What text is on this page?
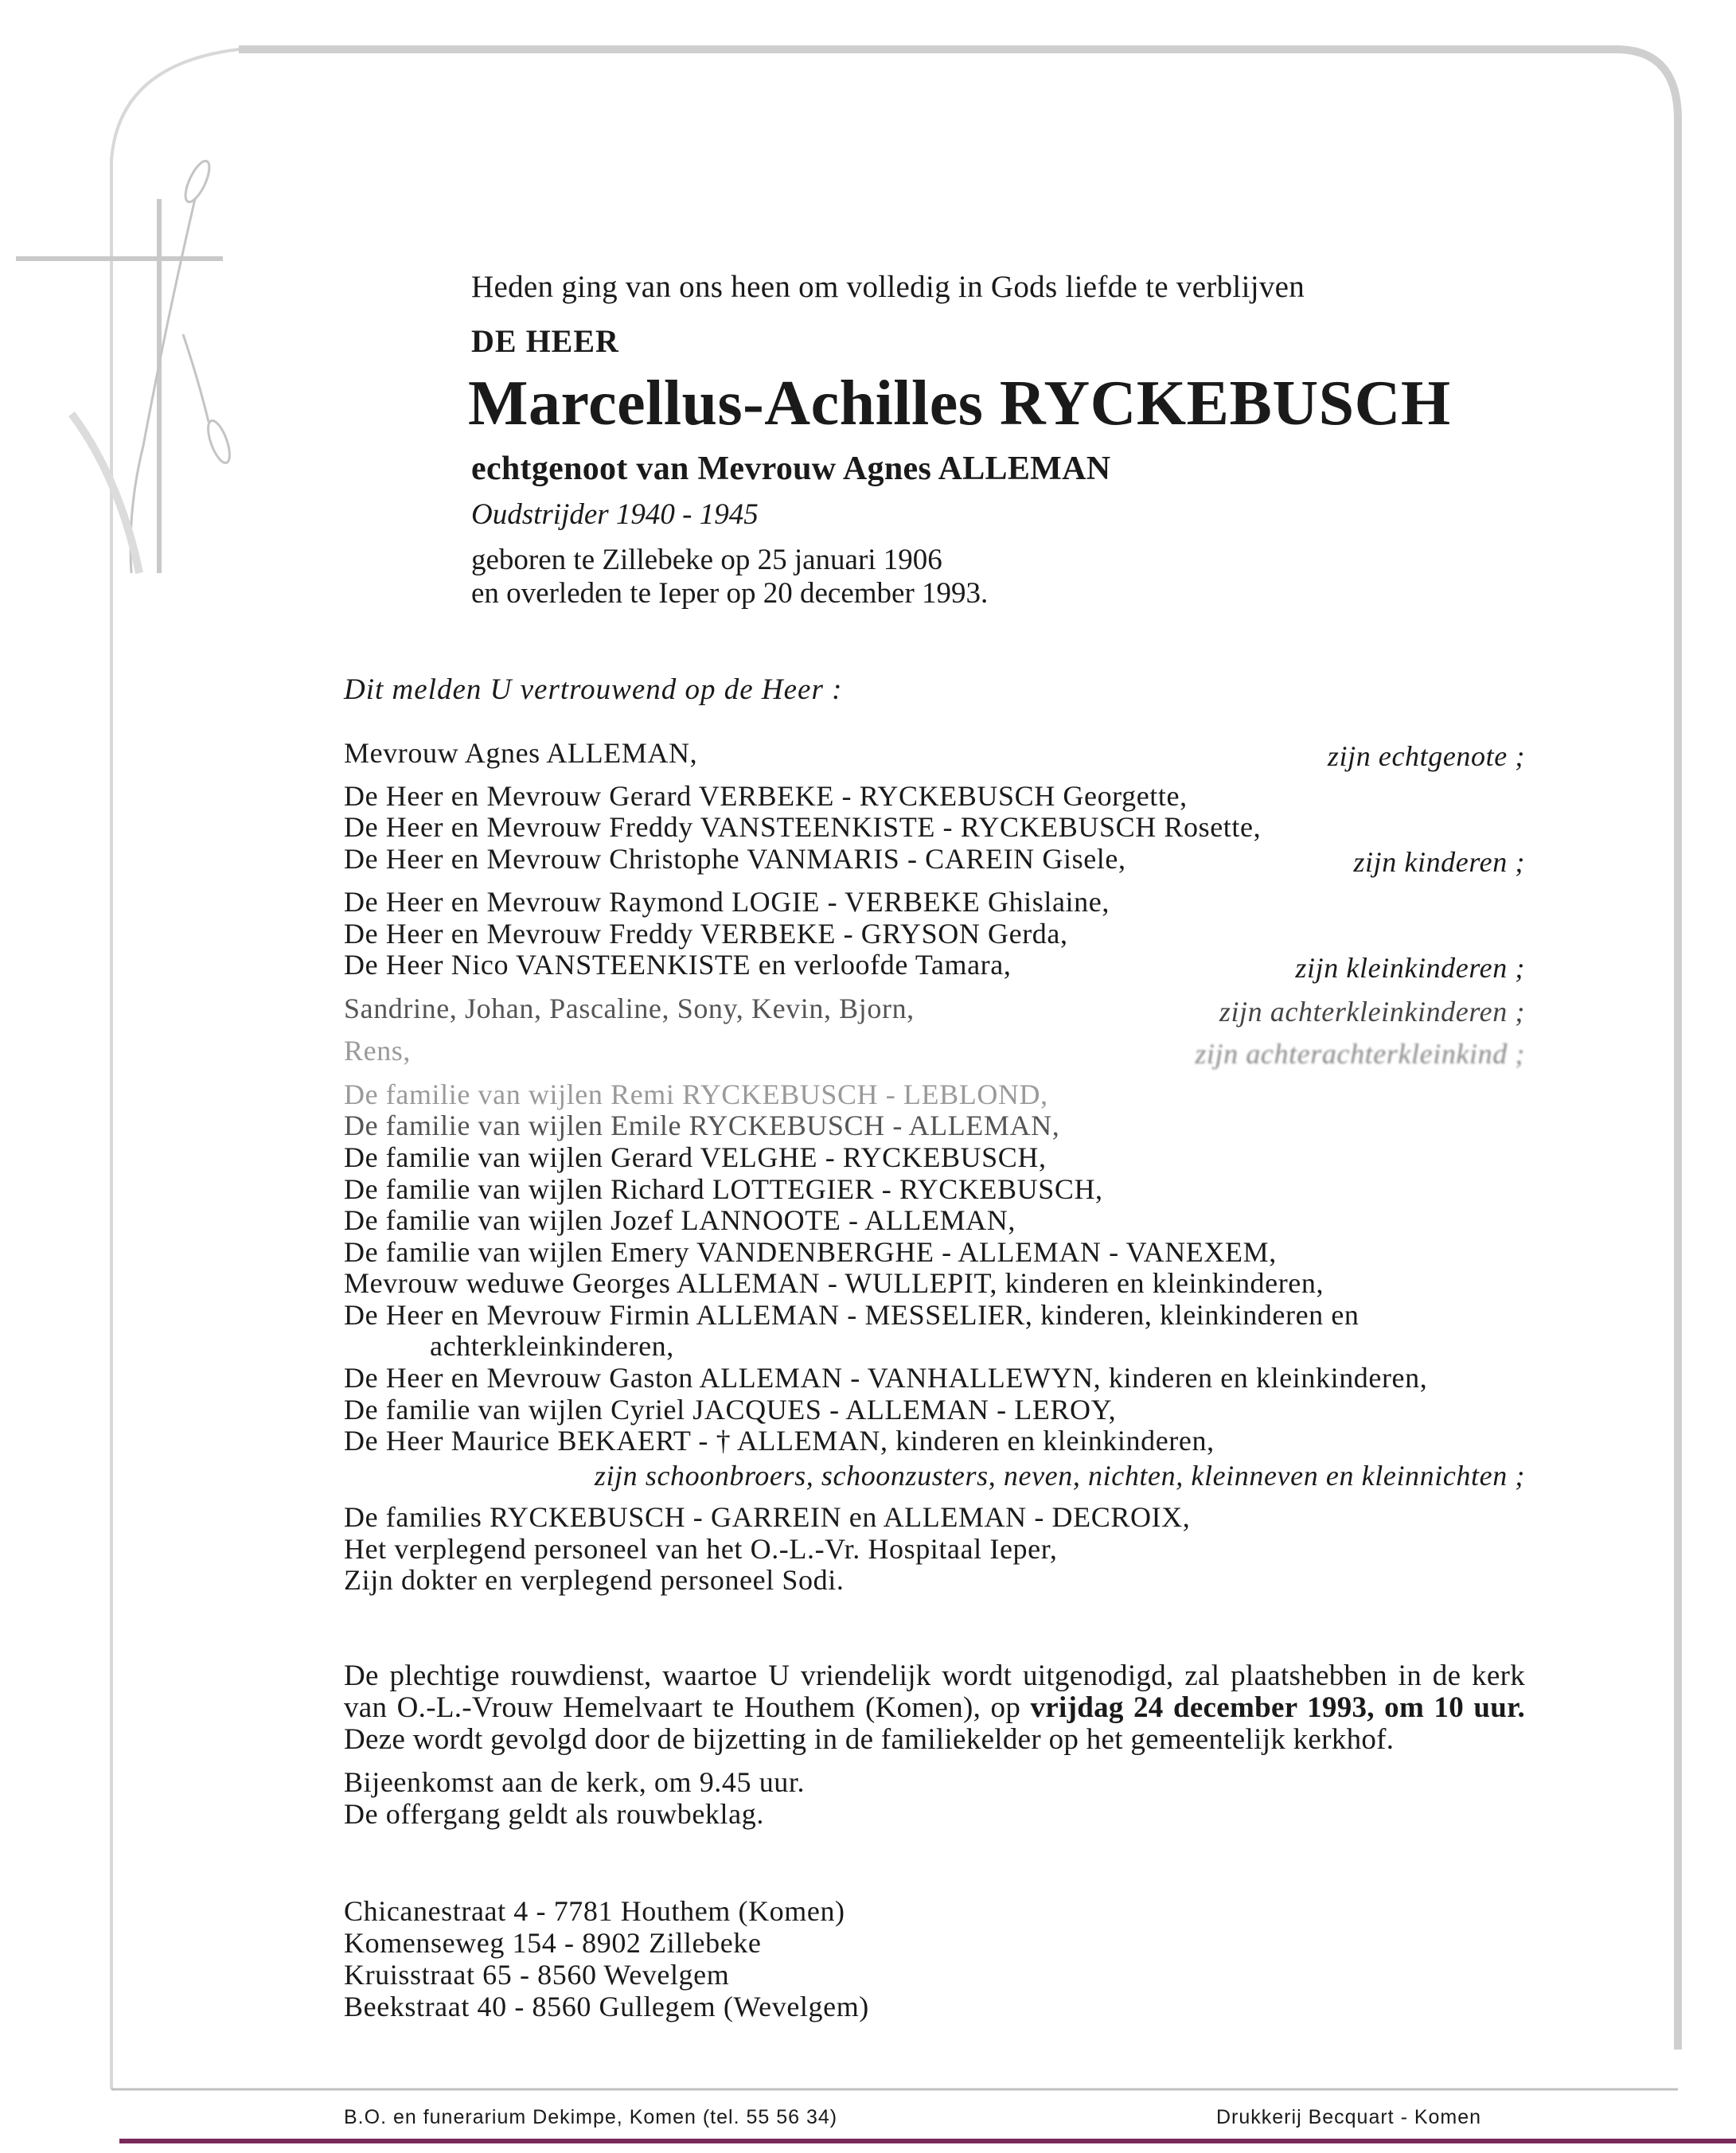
Heden ging van ons heen om volledig in Gods liefde te verblijven
DE HEER
Marcellus-Achilles RYCKEBUSCH
echtgenoot van Mevrouw Agnes ALLEMAN
Oudstrijder 1940 - 1945
geboren te Zillebeke op 25 januari 1906
en overleden te Ieper op 20 december 1993.
Dit melden U vertrouwend op de Heer :
Mevrouw Agnes ALLEMAN,	zijn echtgenote ;
De Heer en Mevrouw Gerard VERBEKE - RYCKEBUSCH Georgette,
De Heer en Mevrouw Freddy VANSTEENKISTE - RYCKEBUSCH Rosette,
De Heer en Mevrouw Christophe VANMARIS - CAREIN Gisele,	zijn kinderen ;
De Heer en Mevrouw Raymond LOGIE - VERBEKE Ghislaine,
De Heer en Mevrouw Freddy VERBEKE - GRYSON Gerda,
De Heer Nico VANSTEENKISTE en verloofde Tamara,	zijn kleinkinderen ;
Sandrine, Johan, Pascaline, Sony, Kevin, Bjorn,	zijn achterkleinkinderen ;
Rens,	zijn achterachterkleinkind ;
De familie van wijlen Remi RYCKEBUSCH - LEBLOND,
De familie van wijlen Emile RYCKEBUSCH - ALLEMAN,
De familie van wijlen Gerard VELGHE - RYCKEBUSCH,
De familie van wijlen Richard LOTTEGIER - RYCKEBUSCH,
De familie van wijlen Jozef LANNOOTE - ALLEMAN,
De familie van wijlen Emery VANDENBERGHE - ALLEMAN - VANEXEM,
Mevrouw weduwe Georges ALLEMAN - WULLEPIT, kinderen en kleinkinderen,
De Heer en Mevrouw Firmin ALLEMAN - MESSELIER, kinderen, kleinkinderen en
achterkleinkinderen,
De Heer en Mevrouw Gaston ALLEMAN - VANHALLEWYN, kinderen en kleinkinderen,
De familie van wijlen Cyriel JACQUES - ALLEMAN - LEROY,
De Heer Maurice BEKAERT - † ALLEMAN, kinderen en kleinkinderen,
zijn schoonbroers, schoonzusters, neven, nichten, kleinneven en kleinnichten ;
De families RYCKEBUSCH - GARREIN en ALLEMAN - DECROIX,
Het verplegend personeel van het O.-L.-Vr. Hospitaal Ieper,
Zijn dokter en verplegend personeel Sodi.
De plechtige rouwdienst, waartoe U vriendelijk wordt uitgenodigd, zal plaatshebben in de kerk van O.-L.-Vrouw Hemelvaart te Houthem (Komen), op vrijdag 24 december 1993, om 10 uur. Deze wordt gevolgd door de bijzetting in de familiekelder op het gemeentelijk kerkhof.
Bijeenkomst aan de kerk, om 9.45 uur.
De offergang geldt als rouwbeklag.
Chicanestraat 4 - 7781 Houthem (Komen)
Komenseweg 154 - 8902 Zillebeke
Kruisstraat 65 - 8560 Wevelgem
Beekstraat 40 - 8560 Gullegem (Wevelgem)
B.O. en funerarium Dekimpe, Komen (tel. 55 56 34)	Drukkerij Becquart - Komen
